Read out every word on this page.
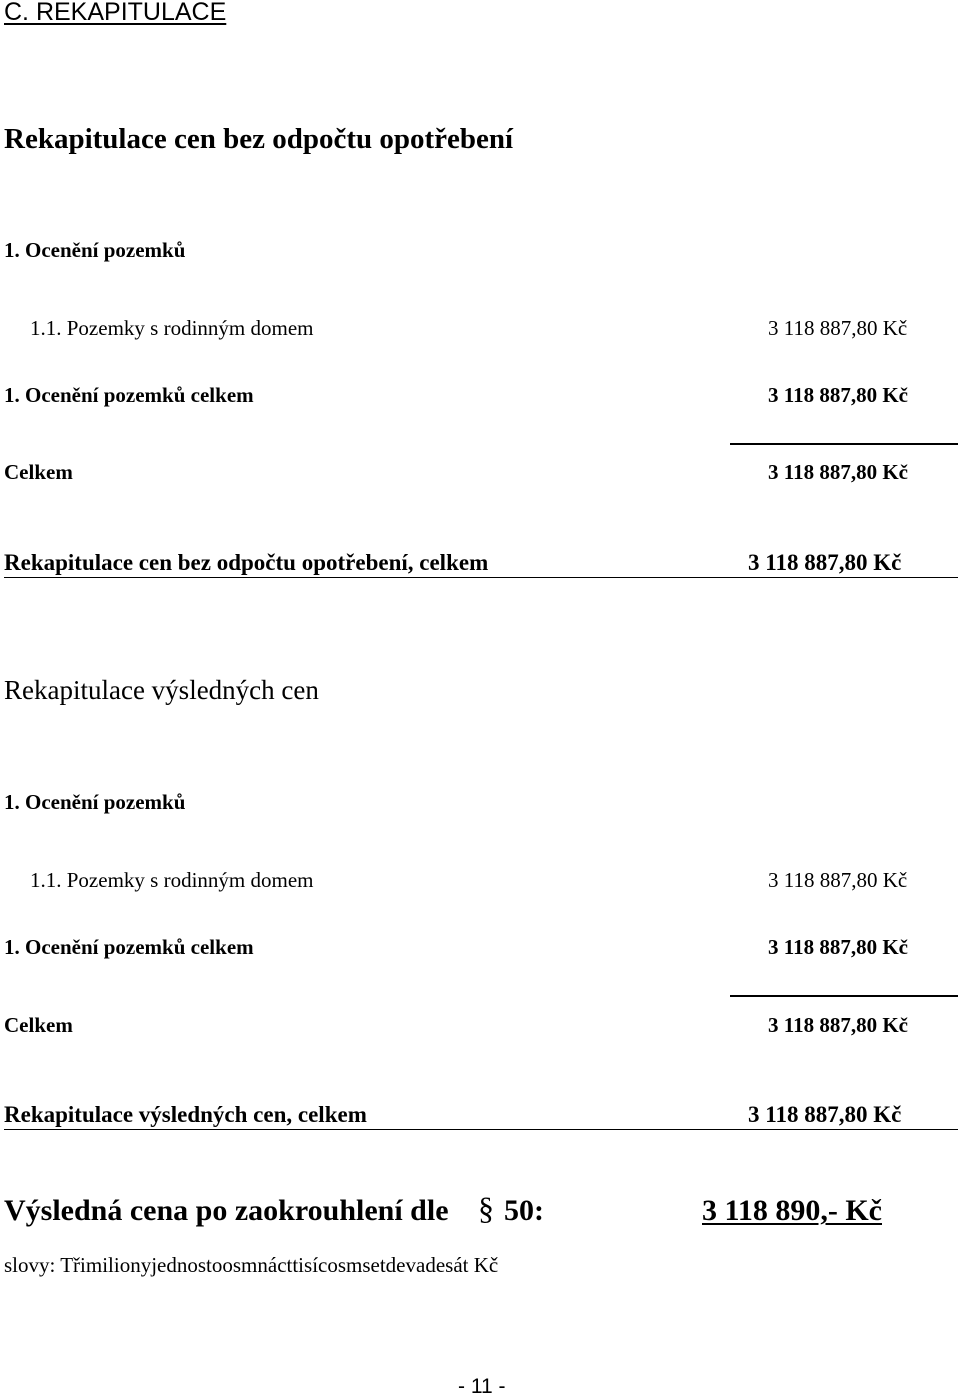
C. REKAPITULACE
Rekapitulace cen bez odpočtu opotřebení
1. Ocenění pozemků
1.1. Pozemky s rodinným domem	3 118 887,80 Kč
1. Ocenění pozemků celkem	3 118 887,80 Kč
Celkem	3 118 887,80 Kč
Rekapitulace cen bez odpočtu opotřebení, celkem	3 118 887,80 Kč
Rekapitulace výsledných cen
1. Ocenění pozemků
1.1. Pozemky s rodinným domem	3 118 887,80 Kč
1. Ocenění pozemků celkem	3 118 887,80 Kč
Celkem	3 118 887,80 Kč
Rekapitulace výsledných cen, celkem	3 118 887,80 Kč
Výsledná cena po zaokrouhlení dle § 50:	3 118 890,- Kč
slovy: Třimilionyjednostoosmnácttisícosmsetdevadesát Kč
- 11 -
